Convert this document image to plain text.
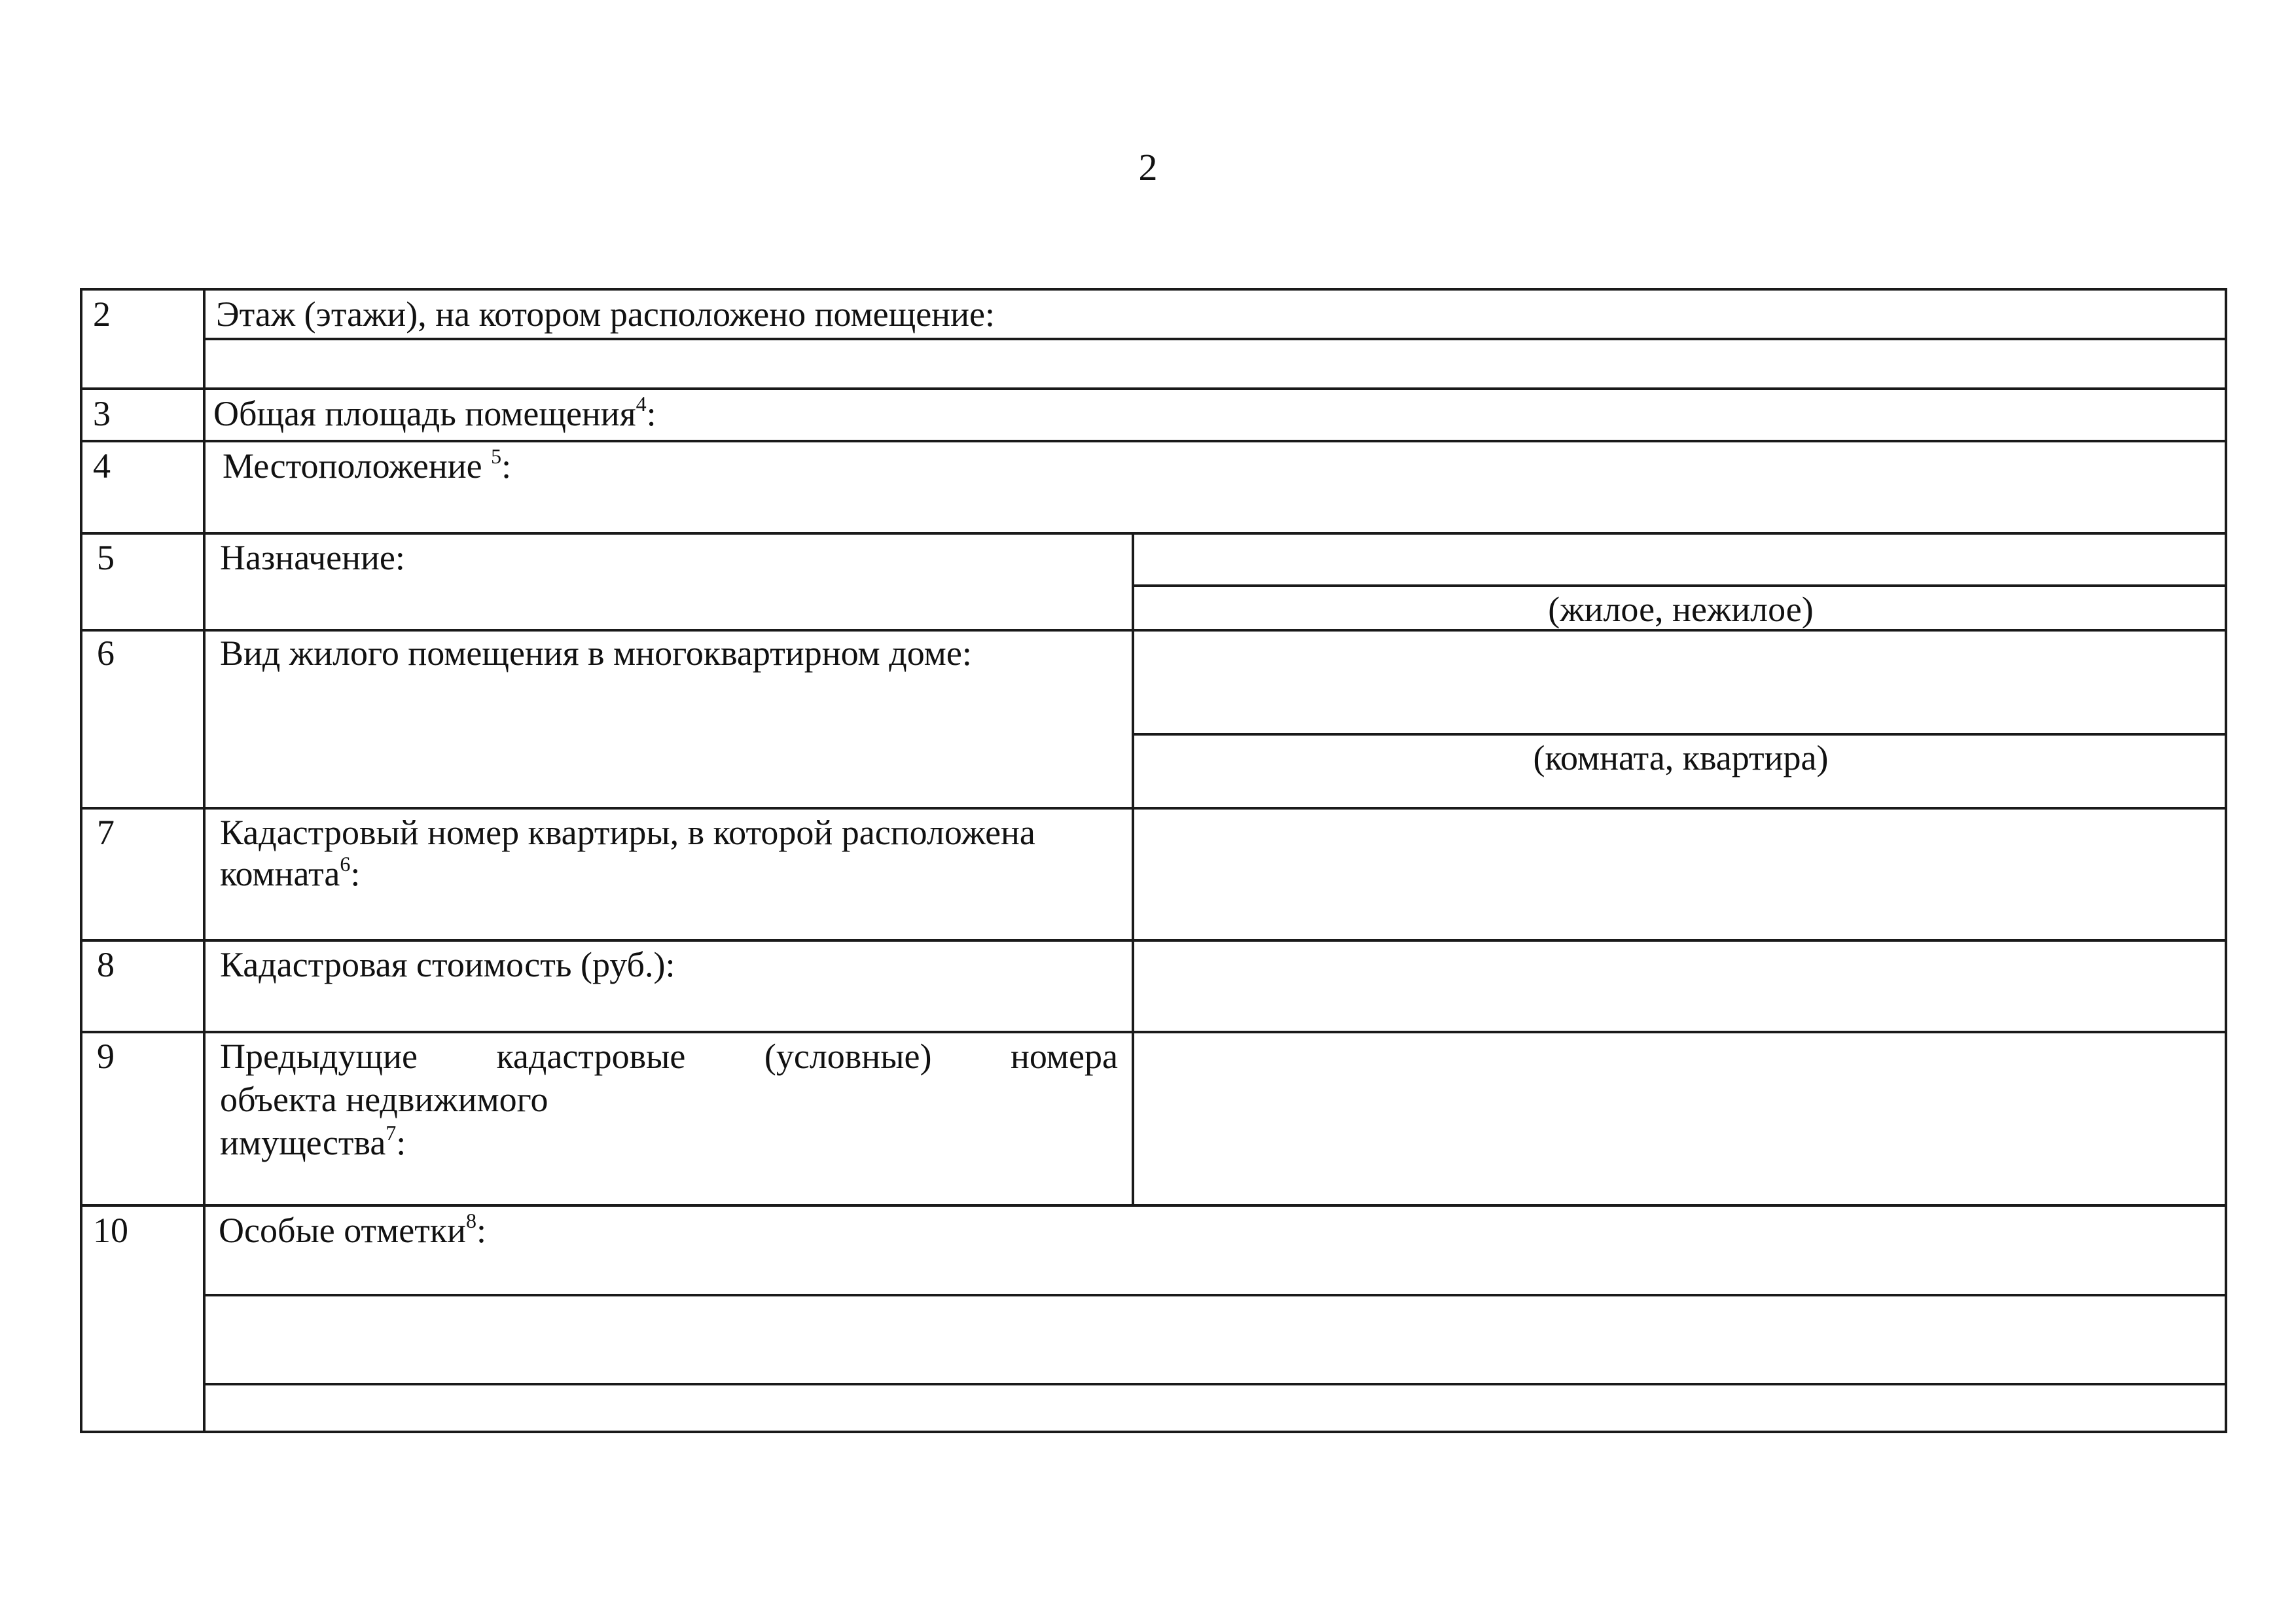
2
2	Этаж (этажи), на котором расположено помещение:
3	Общая площадь помещения$^4$:
4	Местоположение $^5$:
5	Назначение:
(жилое, нежилое)
6	Вид жилого помещения в многоквартирном доме:
(комната, квартира)
7	Кадастровый номер квартиры, в которой расположена
комната$^6$:
8	Кадастровая стоимость (руб.):
9	Предыдущие кадастровые (условные) номера
объекта недвижимого
имущества$^7$:
10	Особые отметки$^8$:
